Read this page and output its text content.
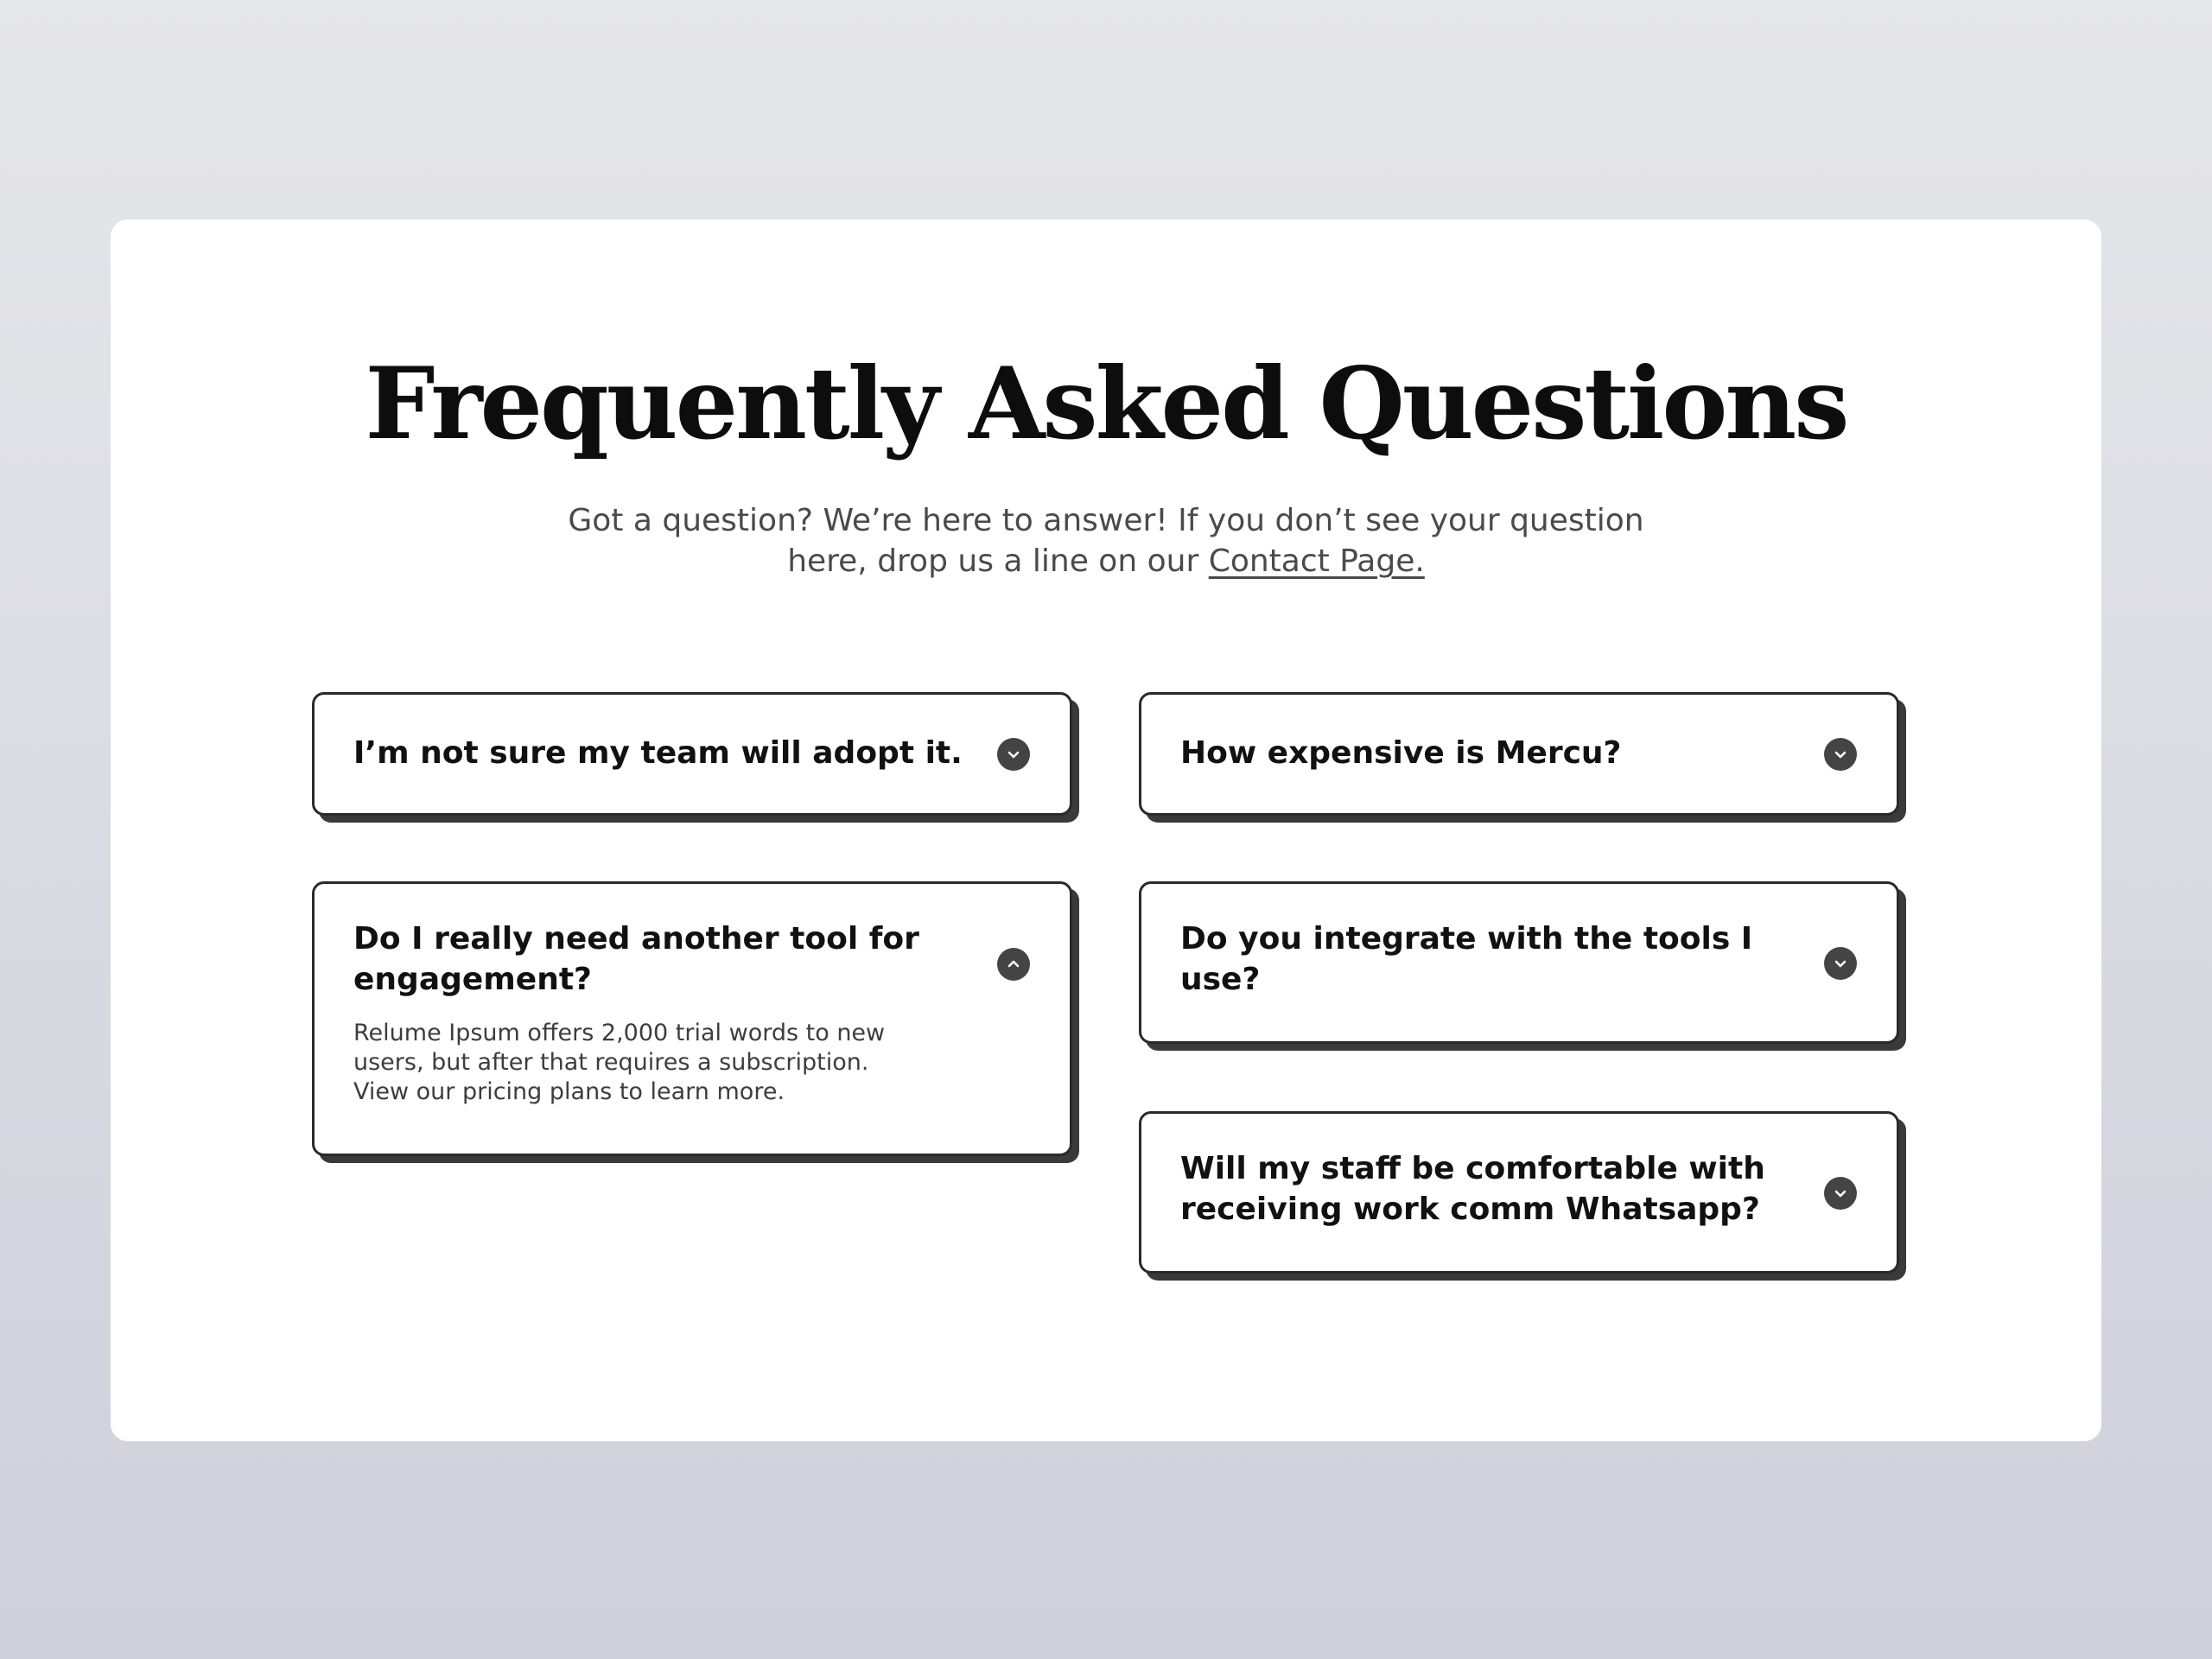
Frequently Asked Questions

Got a question? We’re here to answer! If you don’t see your question here, drop us a line on our Contact Page.

I’m not sure my team will adopt it.	How expensive is Mercu?

Do I really need another tool for engagement?

Relume Ipsum offers 2,000 trial words to new users, but after that requires a subscription. View our pricing plans to learn more.

Do you integrate with the tools I use?

Will my staff be comfortable with receiving work comm Whatsapp?
